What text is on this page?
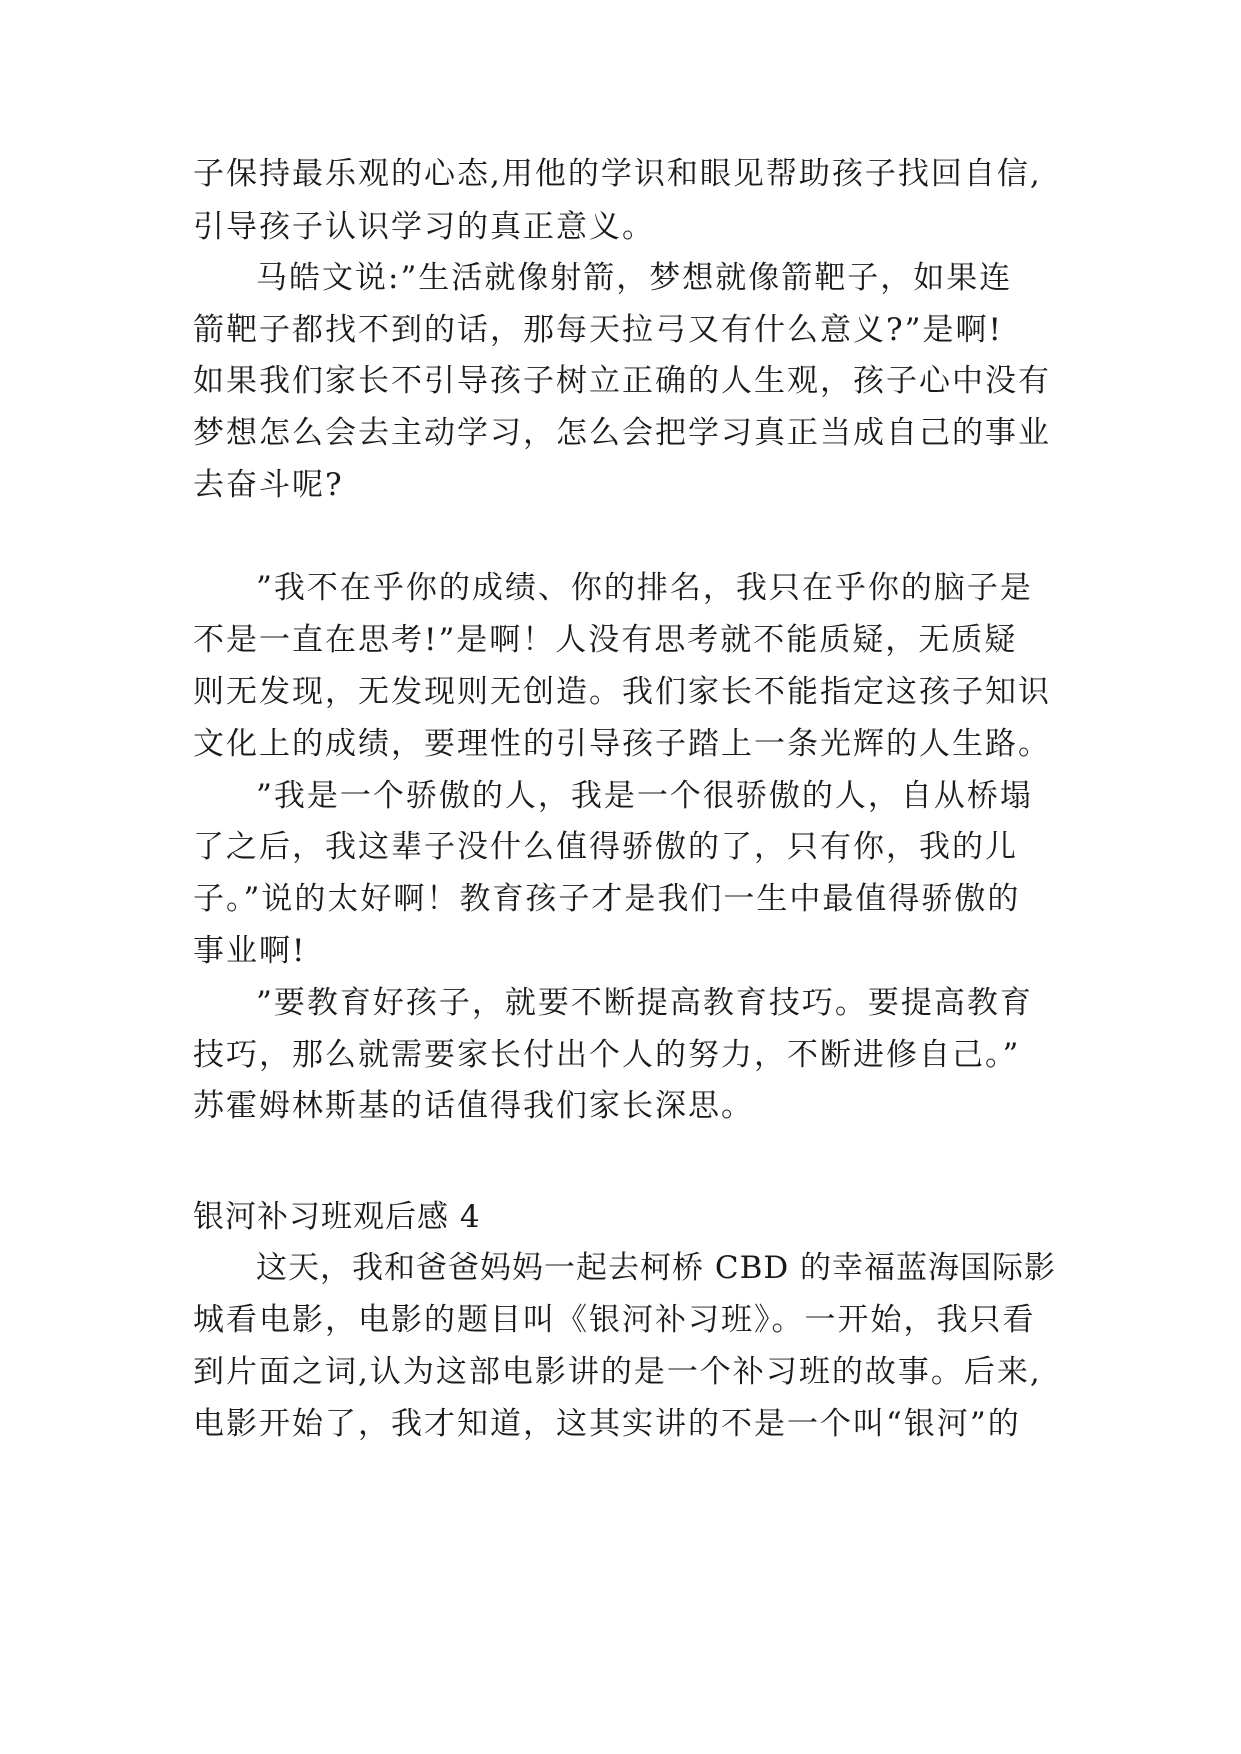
子保持最乐观的心态,用他的学识和眼见帮助孩子找回自信,

引导孩子认识学习的真正意义。

马皓文说:”生活就像射箭，梦想就像箭靶子，如果连

箭靶子都找不到的话，那每天拉弓又有什么意义?”是啊!

如果我们家长不引导孩子树立正确的人生观，孩子心中没有

梦想怎么会去主动学习，怎么会把学习真正当成自己的事业

去奋斗呢?

”我不在乎你的成绩、你的排名，我只在乎你的脑子是

不是一直在思考!”是啊！人没有思考就不能质疑，无质疑

则无发现，无发现则无创造。我们家长不能指定这孩子知识

文化上的成绩，要理性的引导孩子踏上一条光辉的人生路。

”我是一个骄傲的人，我是一个很骄傲的人，自从桥塌

了之后，我这辈子没什么值得骄傲的了，只有你，我的儿

子。”说的太好啊！教育孩子才是我们一生中最值得骄傲的

事业啊!

”要教育好孩子，就要不断提高教育技巧。要提高教育

技巧，那么就需要家长付出个人的努力，不断进修自己。”

苏霍姆林斯基的话值得我们家长深思。

银河补习班观后感 4

这天，我和爸爸妈妈一起去柯桥 CBD 的幸福蓝海国际影

城看电影，电影的题目叫《银河补习班》。一开始，我只看

到片面之词,认为这部电影讲的是一个补习班的故事。后来,

电影开始了，我才知道，这其实讲的不是一个叫“银河”的
